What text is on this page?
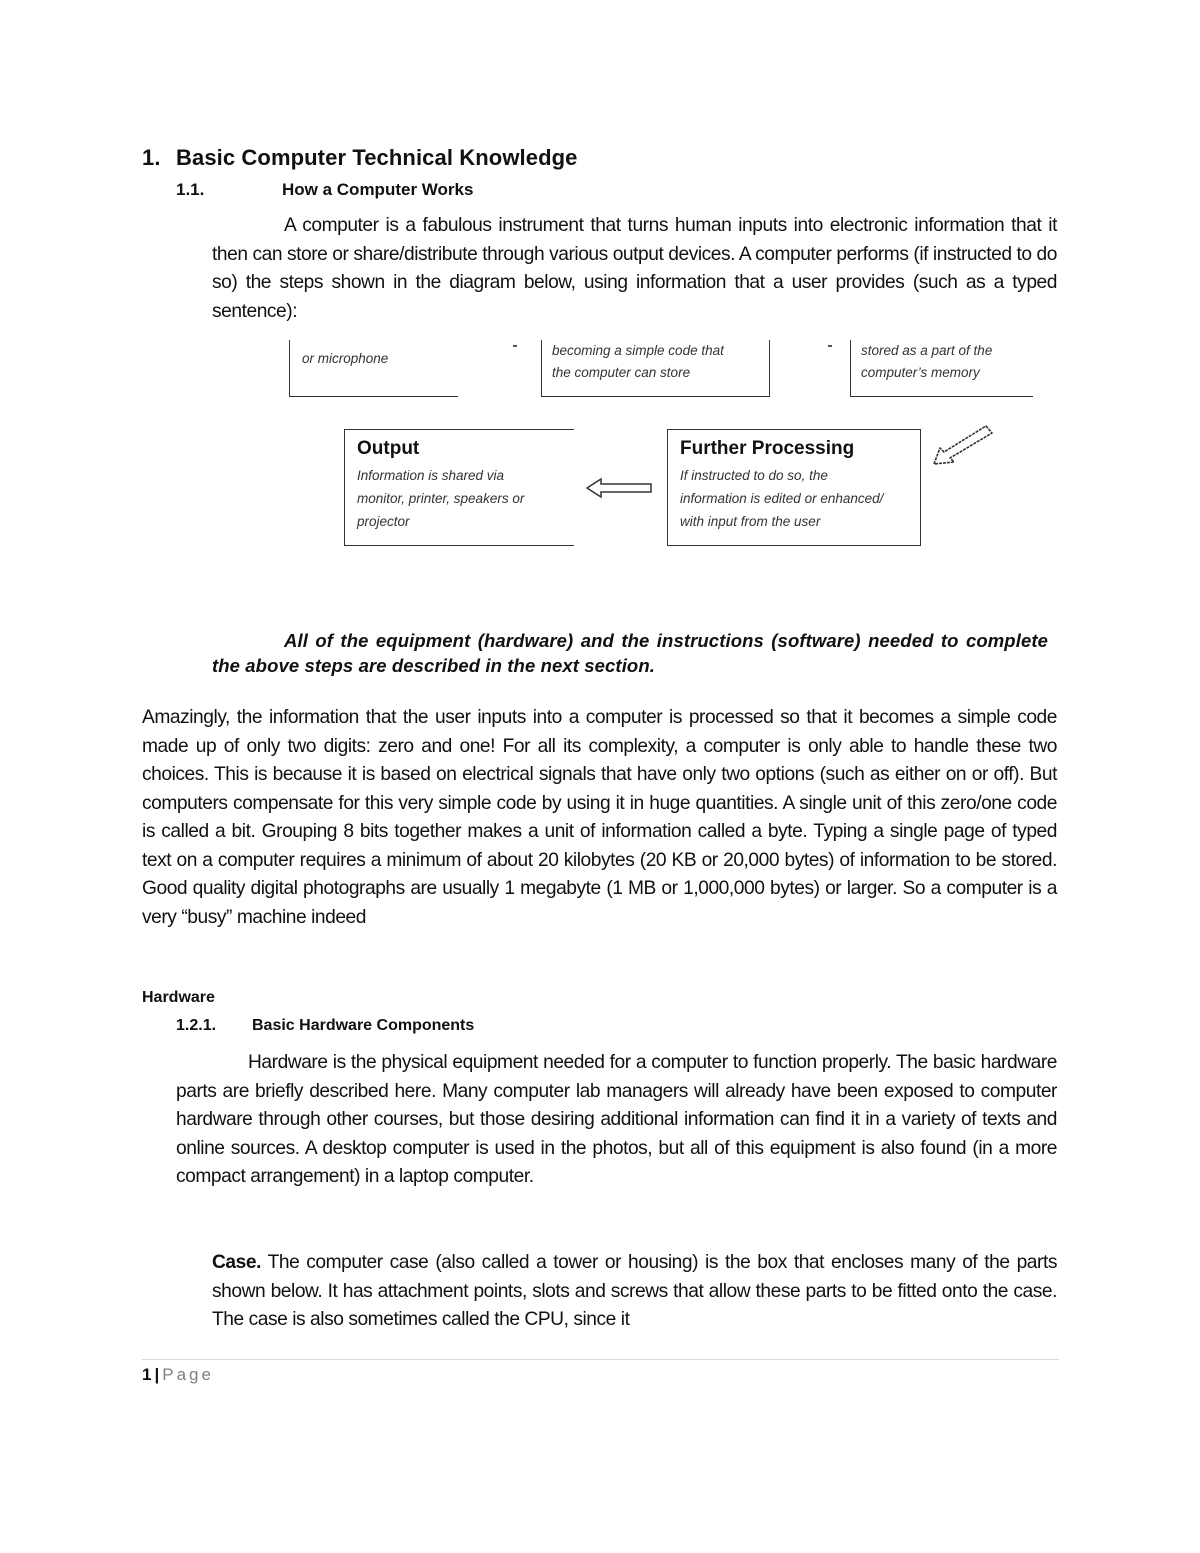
1. Basic Computer Technical Knowledge
1.1.	How a Computer Works
A computer is a fabulous instrument that turns human inputs into electronic information that it then can store or share/distribute through various output devices. A computer performs (if instructed to do so) the steps shown in the diagram below, using information that a user provides (such as a typed sentence):
or microphone
becoming a simple code that
the computer can store
stored as a part of the
computer’s memory
Output
Information is shared via
monitor, printer, speakers or
projector
Further Processing
If instructed to do so, the
information is edited or enhanced/
with input from the user
All of the equipment (hardware) and the instructions (software) needed to complete the above steps are described in the next section.
Amazingly, the information that the user inputs into a computer is processed so that it becomes a simple code made up of only two digits: zero and one! For all its complexity, a computer is only able to handle these two choices. This is because it is based on electrical signals that have only two options (such as either on or off). But computers compensate for this very simple code by using it in huge quantities. A single unit of this zero/one code is called a bit. Grouping 8 bits together makes a unit of information called a byte. Typing a single page of typed text on a computer requires a minimum of about 20 kilobytes (20 KB or 20,000 bytes) of information to be stored. Good quality digital photographs are usually 1 megabyte (1 MB or 1,000,000 bytes) or larger. So a computer is a very “busy” machine indeed
Hardware
1.2.1. Basic Hardware Components
Hardware is the physical equipment needed for a computer to function properly. The basic hardware parts are briefly described here. Many computer lab managers will already have been exposed to computer hardware through other courses, but those desiring additional information can find it in a variety of texts and online sources. A desktop computer is used in the photos, but all of this equipment is also found (in a more compact arrangement) in a laptop computer.
Case. The computer case (also called a tower or housing) is the box that encloses many of the parts shown below. It has attachment points, slots and screws that allow these parts to be fitted onto the case. The case is also sometimes called the CPU, since it
1 | Page
